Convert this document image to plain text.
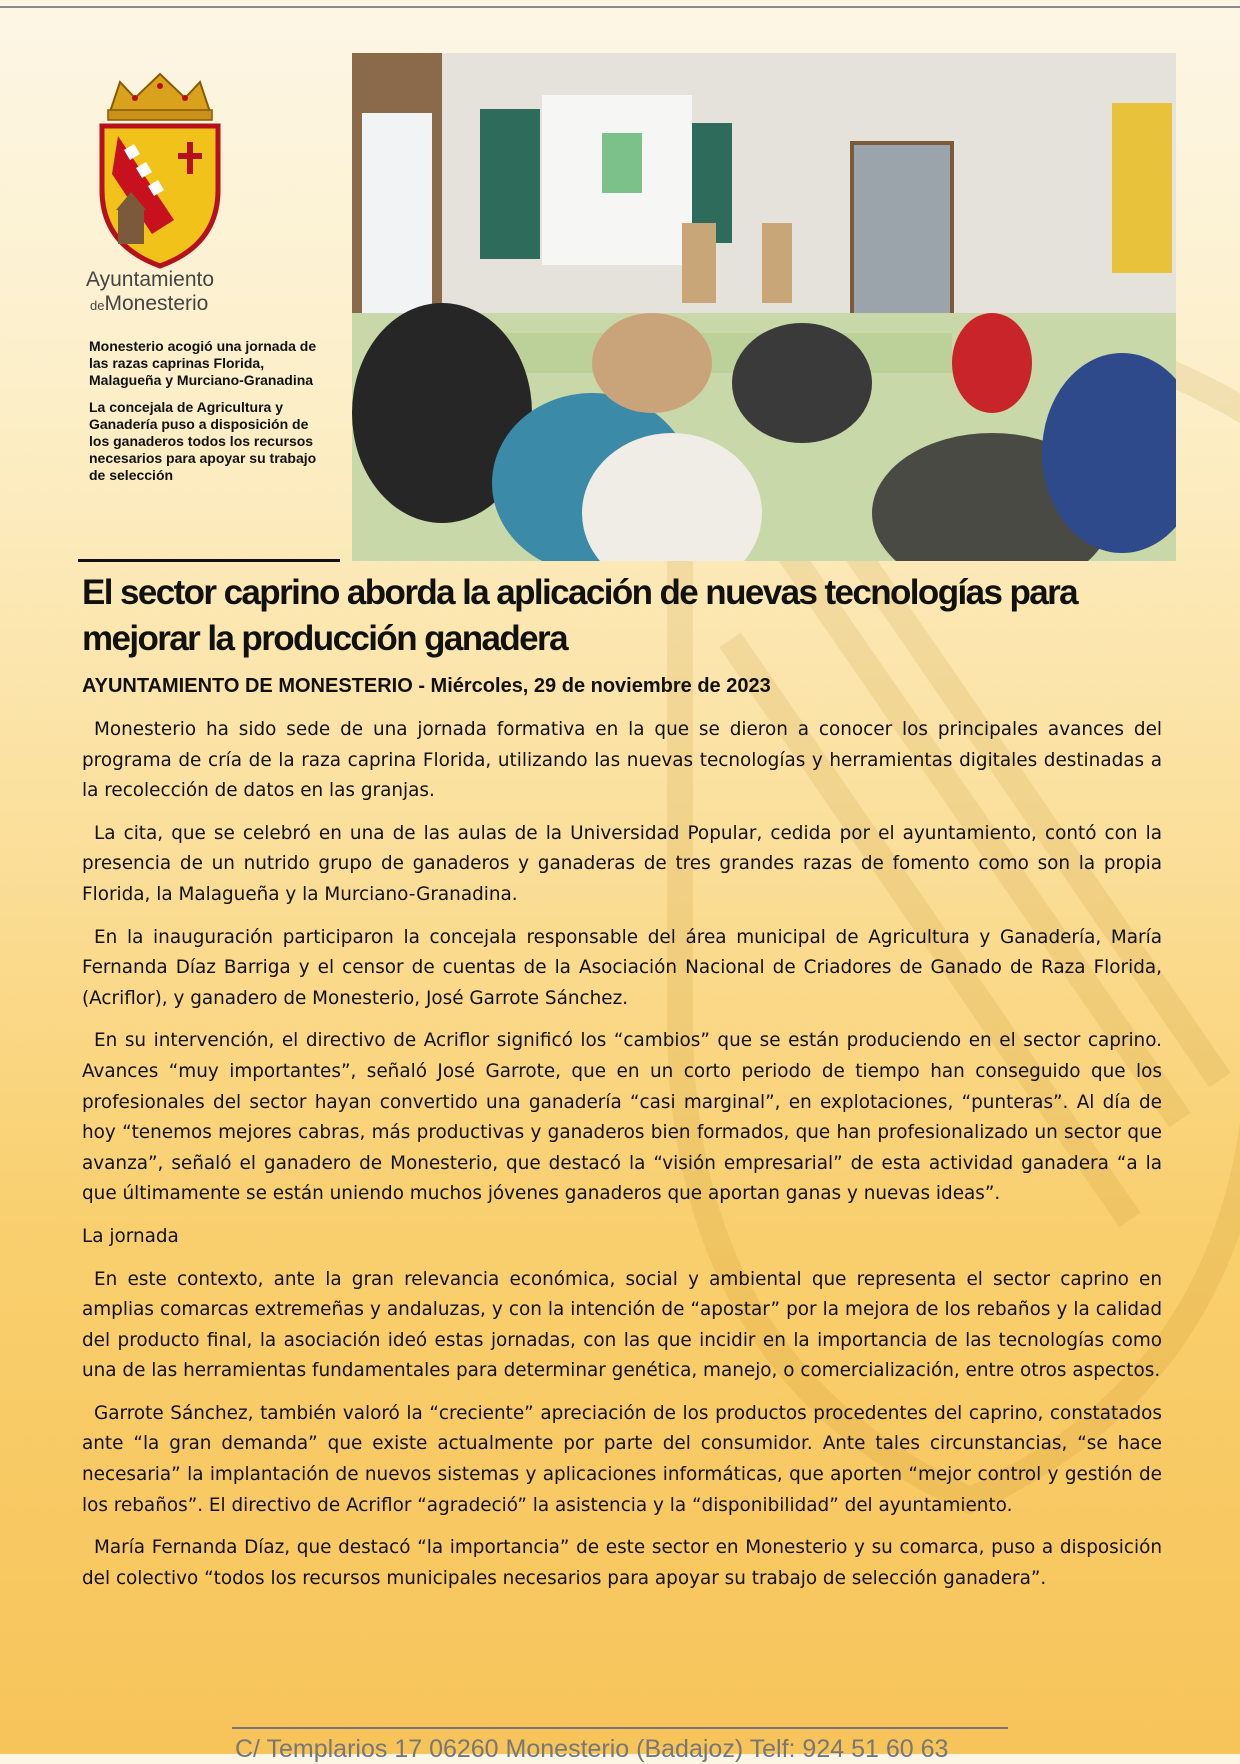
Ayuntamiento
deMonesterio

Monesterio acogió una jornada de las razas caprinas Florida, Malagueña y Murciano-Granadina

La concejala de Agricultura y Ganadería puso a disposición de los ganaderos todos los recursos necesarios para apoyar su trabajo de selección

El sector caprino aborda la aplicación de nuevas tecnologías para mejorar la producción ganadera
AYUNTAMIENTO DE MONESTERIO - Miércoles, 29 de noviembre de 2023

Monesterio ha sido sede de una jornada formativa en la que se dieron a conocer los principales avances del programa de cría de la raza caprina Florida, utilizando las nuevas tecnologías y herramientas digitales destinadas a la recolección de datos en las granjas.

La cita, que se celebró en una de las aulas de la Universidad Popular, cedida por el ayuntamiento, contó con la presencia de un nutrido grupo de ganaderos y ganaderas de tres grandes razas de fomento como son la propia Florida, la Malagueña y la Murciano-Granadina.

En la inauguración participaron la concejala responsable del área municipal de Agricultura y Ganadería, María Fernanda Díaz Barriga y el censor de cuentas de la Asociación Nacional de Criadores de Ganado de Raza Florida, (Acriflor), y ganadero de Monesterio, José Garrote Sánchez.

En su intervención, el directivo de Acriflor significó los “cambios” que se están produciendo en el sector caprino. Avances “muy importantes”, señaló José Garrote, que en un corto periodo de tiempo han conseguido que los profesionales del sector hayan convertido una ganadería “casi marginal”, en explotaciones, “punteras”. Al día de hoy “tenemos mejores cabras, más productivas y ganaderos bien formados, que han profesionalizado un sector que avanza”, señaló el ganadero de Monesterio, que destacó la “visión empresarial” de esta actividad ganadera “a la que últimamente se están uniendo muchos jóvenes ganaderos que aportan ganas y nuevas ideas”.

La jornada

En este contexto, ante la gran relevancia económica, social y ambiental que representa el sector caprino en amplias comarcas extremeñas y andaluzas, y con la intención de “apostar” por la mejora de los rebaños y la calidad del producto final, la asociación ideó estas jornadas, con las que incidir en la importancia de las tecnologías como una de las herramientas fundamentales para determinar genética, manejo, o comercialización, entre otros aspectos.

Garrote Sánchez, también valoró la “creciente” apreciación de los productos procedentes del caprino, constatados ante “la gran demanda” que existe actualmente por parte del consumidor. Ante tales circunstancias, “se hace necesaria” la implantación de nuevos sistemas y aplicaciones informáticas, que aporten “mejor control y gestión de los rebaños”. El directivo de Acriflor “agradeció” la asistencia y la “disponibilidad” del ayuntamiento.

María Fernanda Díaz, que destacó “la importancia” de este sector en Monesterio y su comarca, puso a disposición del colectivo “todos los recursos municipales necesarios para apoyar su trabajo de selección ganadera”.

C/ Templarios 17 06260 Monesterio (Badajoz) Telf: 924 51 60 63
